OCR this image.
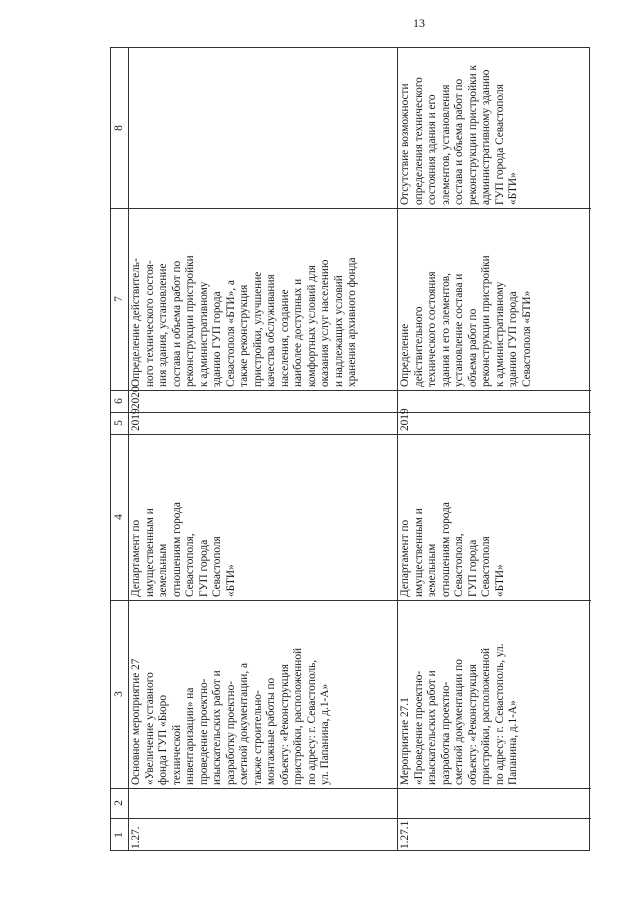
13
1
2
3
4
5
6
7
8
1.27.
Основное мероприятие 27 «Увеличение уставного фонда ГУП «Бюро технической инвентаризации» на проведение проектно- изыскательских работ и разработку проектно- сметной документации, а также строительно- монтажные работы по объекту: «Реконструкция пристройки, расположенной по адресу: г. Севастополь, ул. Папанина, д.1-А»
Департамент по имущественным и земельным отношениям города Севастополя, ГУП города Севастополя «БТИ»
2019
2020
Определение действитель- ного технического состоя- ния здания, установление состава и объема работ по реконструкции пристройки к административному зданию ГУП города Севастополя «БТИ», а также реконструкция пристройки, улучшение качества обслуживания населения, создание наиболее доступных и комфортных условий для оказания услуг населению и надлежащих условий хранения архивного фонда
1.27.1
Мероприятие 27.1 «Проведение проектно- изыскательских работ и разработка проектно- сметной документации по объекту: «Реконструкция пристройки, расположенной по адресу: г. Севастополь, ул. Папанина, д.1-А»
Департамент по имущественным и земельным отношениям города Севастополя, ГУП города Севастополя «БТИ»
2019
Определение действительного технического состояния здания и его элементов, установление состава и объема работ по реконструкции пристройки к административному зданию ГУП города Севастополя «БТИ»
Отсутствие возможности определения технического состояния здания и его элементов, установления состава и объема работ по реконструкции пристройки к административному зданию ГУП города Севастополя «БТИ»
